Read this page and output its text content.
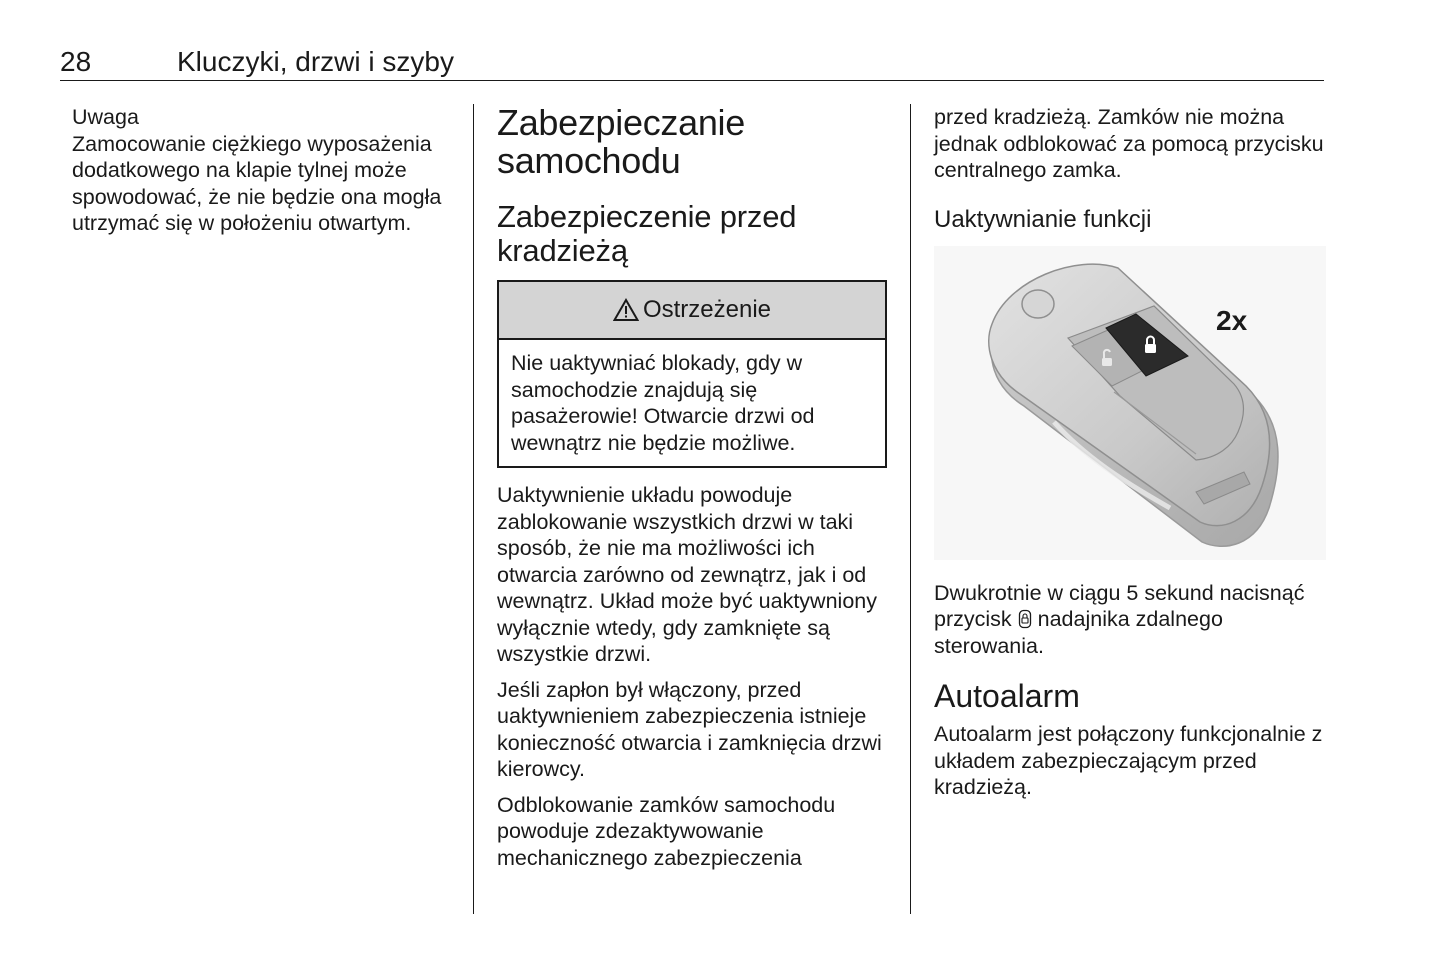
28	Kluczyki, drzwi i szyby
Uwaga

Zamocowanie ciężkiego wyposażenia dodatkowego na klapie tylnej może spowodować, że nie będzie ona mogła utrzymać się w położeniu otwartym.

Zabezpieczanie samochodu
Zabezpieczenie przed kradzieżą
Ostrzeżenie
Nie uaktywniać blokady, gdy w samochodzie znajdują się pasażerowie! Otwarcie drzwi od wewnątrz nie będzie możliwe.

Uaktywnienie układu powoduje zablokowanie wszystkich drzwi w taki sposób, że nie ma możliwości ich otwarcia zarówno od zewnątrz, jak i od wewnątrz. Układ może być uaktywniony wyłącznie wtedy, gdy zamknięte są wszystkie drzwi.

Jeśli zapłon był włączony, przed uaktywnieniem zabezpieczenia istnieje konieczność otwarcia i zamknięcia drzwi kierowcy.

Odblokowanie zamków samochodu powoduje zdezaktywowanie mechanicznego zabezpieczenia

przed kradzieżą. Zamków nie można jednak odblokować za pomocą przycisku centralnego zamka.

Uaktywnianie funkcji
2x

Dwukrotnie w ciągu 5 sekund nacisnąć przycisk nadajnika zdalnego sterowania.

Autoalarm

Autoalarm jest połączony funkcjonalnie z układem zabezpieczającym przed kradzieżą.
